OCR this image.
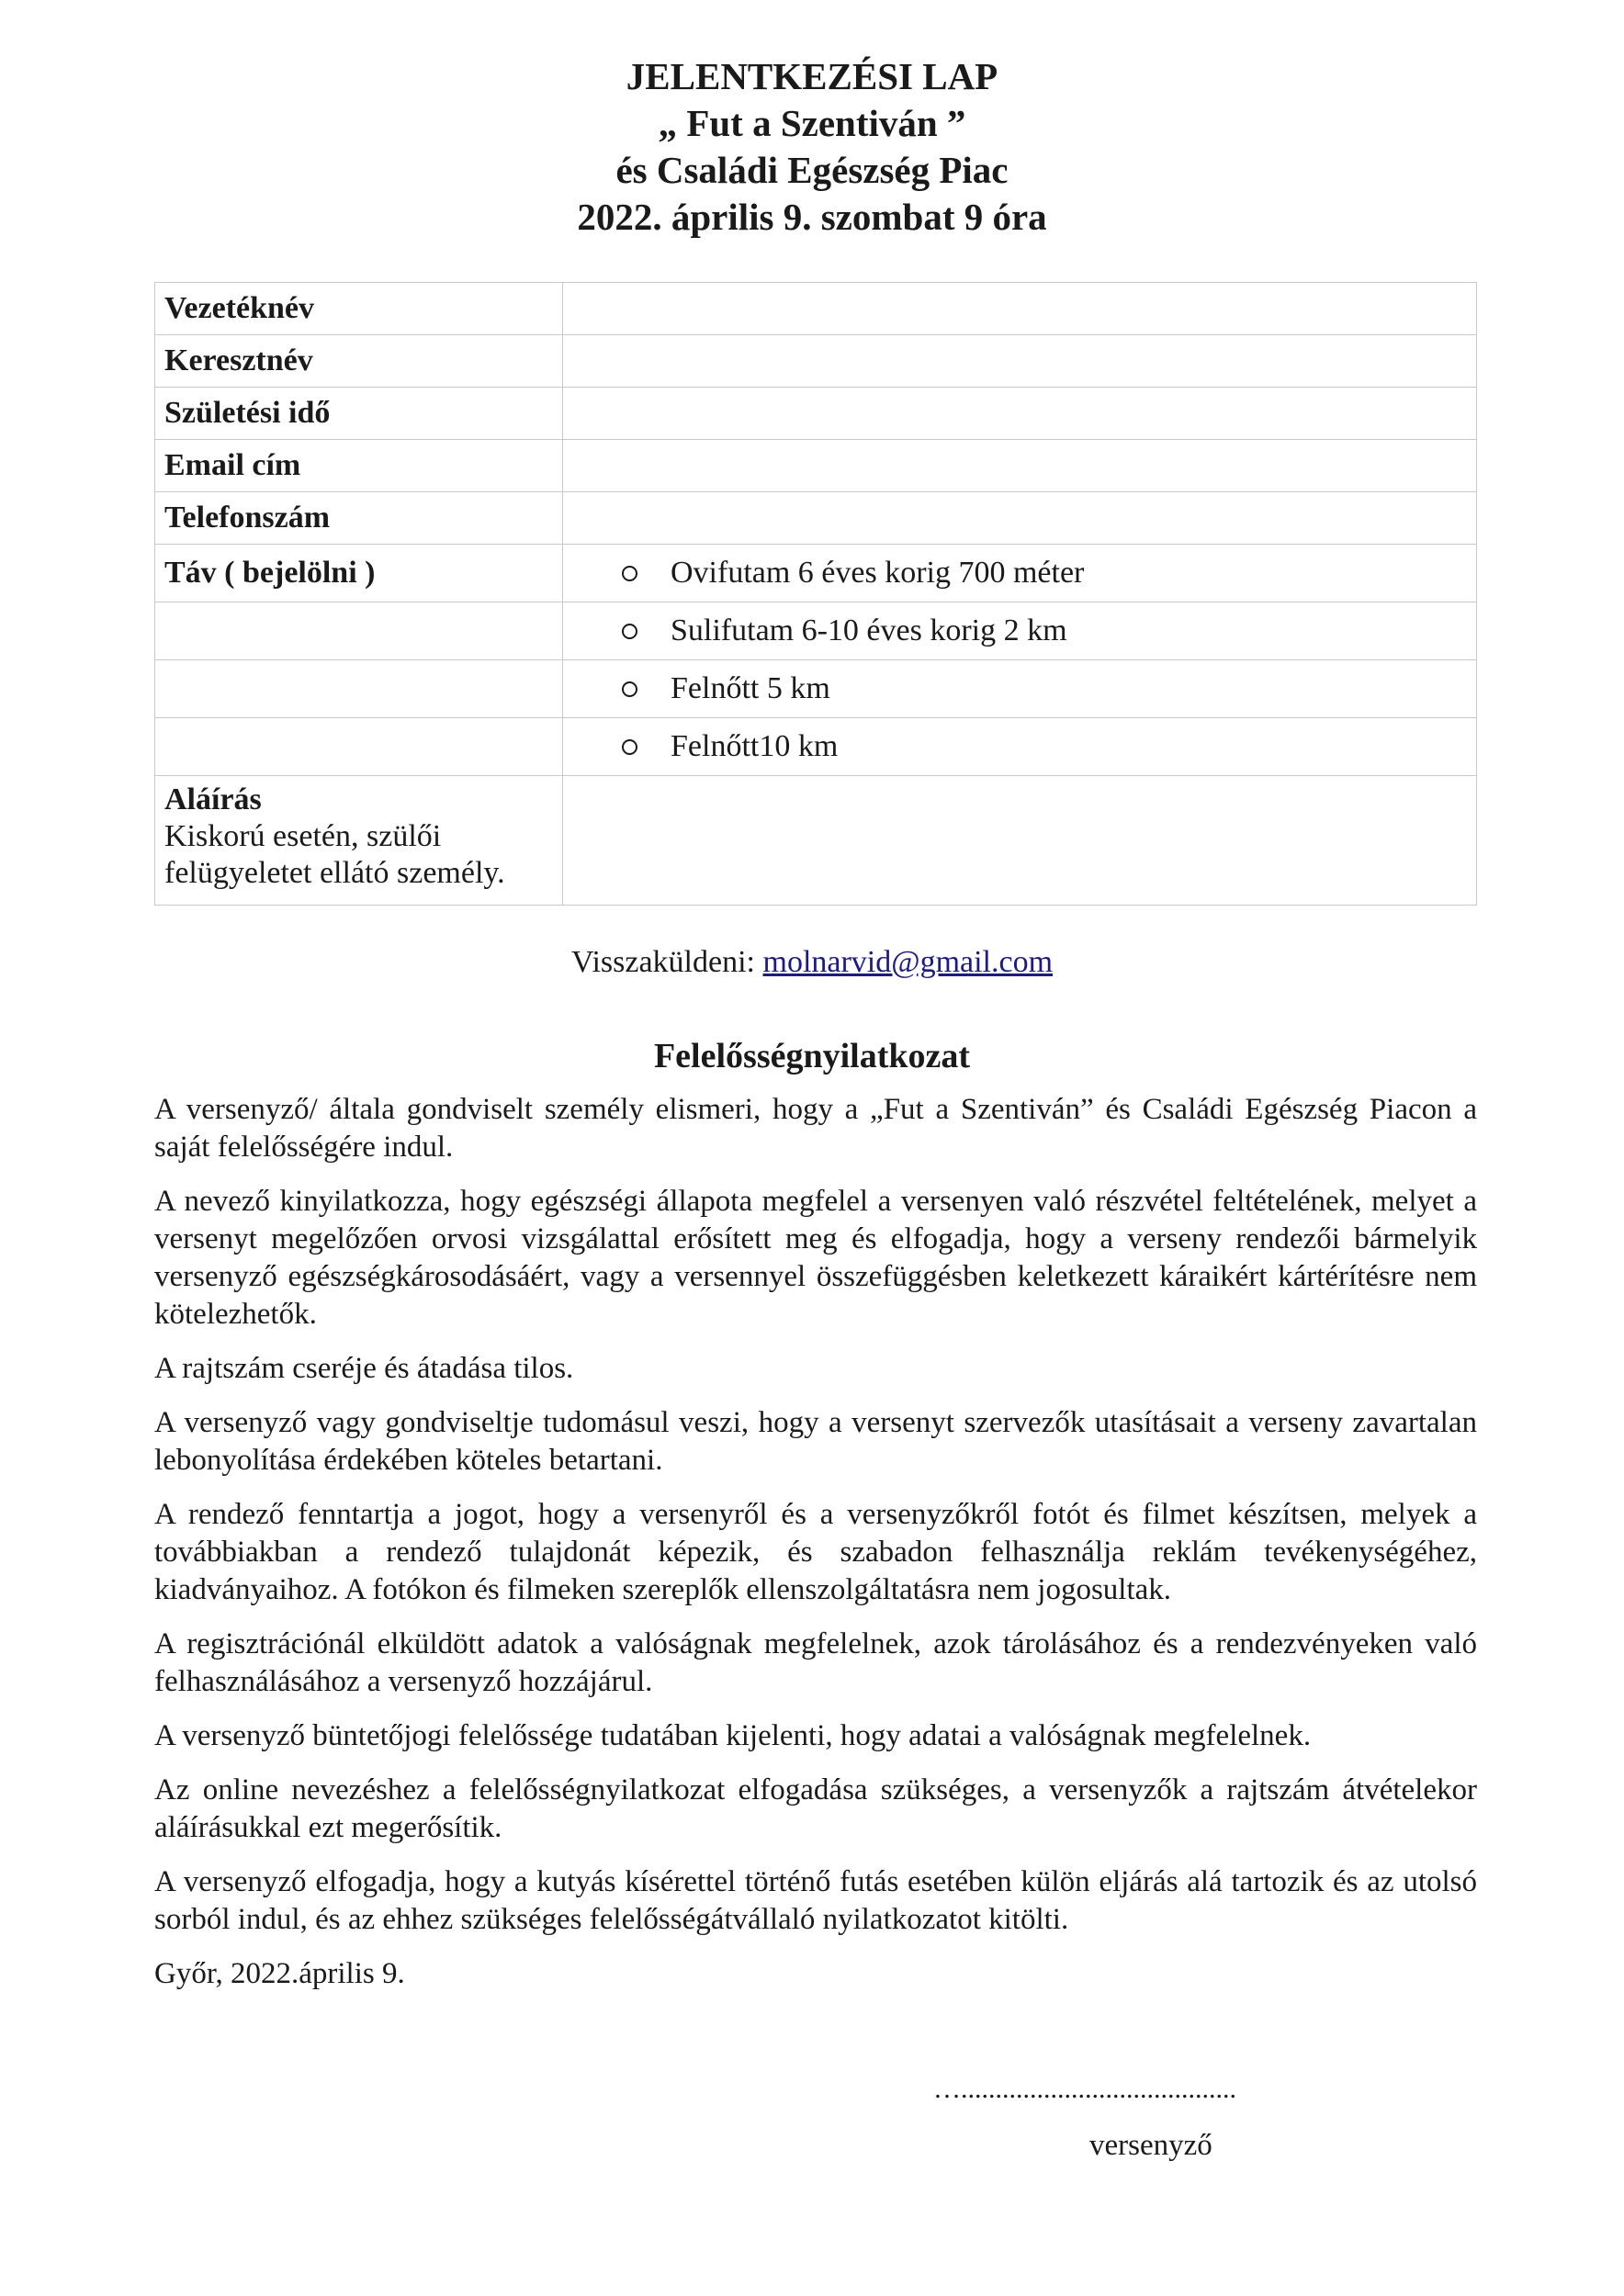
JELENTKEZÉSI LAP
„ Fut a Szentiván ”
és Családi Egészség Piac
2022. április 9. szombat 9 óra
Vezetéknév	
Keresztnév	
Születési idő	
Email cím	
Telefonszám	
Táv ( bejelölni )	Ovifutam 6 éves korig 700 méter

	Sulifutam 6-10 éves korig 2 km

	Felnőtt 5 km

	Felnőtt10 km

Aláírás
Kiskorú esetén, szülői
felügyeletet ellátó személy.	

Visszaküldeni: molnarvid@gmail.com
Felelősségnyilatkozat

A versenyző/ általa gondviselt személy elismeri, hogy a „Fut a Szentiván” és Családi Egészség Piacon a saját felelősségére indul.

A nevező kinyilatkozza, hogy egészségi állapota megfelel a versenyen való részvétel feltételének, melyet a versenyt megelőzően orvosi vizsgálattal erősített meg és elfogadja, hogy a verseny rendezői bármelyik versenyző egészségkárosodásáért, vagy a versennyel összefüggésben keletkezett káraikért kártérítésre nem kötelezhetők.

A rajtszám cseréje és átadása tilos.

A versenyző vagy gondviseltje tudomásul veszi, hogy a versenyt szervezők utasításait a verseny zavartalan lebonyolítása érdekében köteles betartani.

A rendező fenntartja a jogot, hogy a versenyről és a versenyzőkről fotót és filmet készítsen, melyek a továbbiakban a rendező tulajdonát képezik, és szabadon felhasználja reklám tevékenységéhez, kiadványaihoz. A fotókon és filmeken szereplők ellenszolgáltatásra nem jogosultak.

A regisztrációnál elküldött adatok a valóságnak megfelelnek, azok tárolásához és a rendezvényeken való felhasználásához a versenyző hozzájárul.

A versenyző büntetőjogi felelőssége tudatában kijelenti, hogy adatai a valóságnak megfelelnek.

Az online nevezéshez a felelősségnyilatkozat elfogadása szükséges, a versenyzők a rajtszám átvételekor aláírásukkal ezt megerősítik.

A versenyző elfogadja, hogy a kutyás kísérettel történő futás esetében külön eljárás alá tartozik és az utolsó sorból indul, és az ehhez szükséges felelősségátvállaló nyilatkozatot kitölti.

Győr, 2022.április 9.

…........................................
versenyző
